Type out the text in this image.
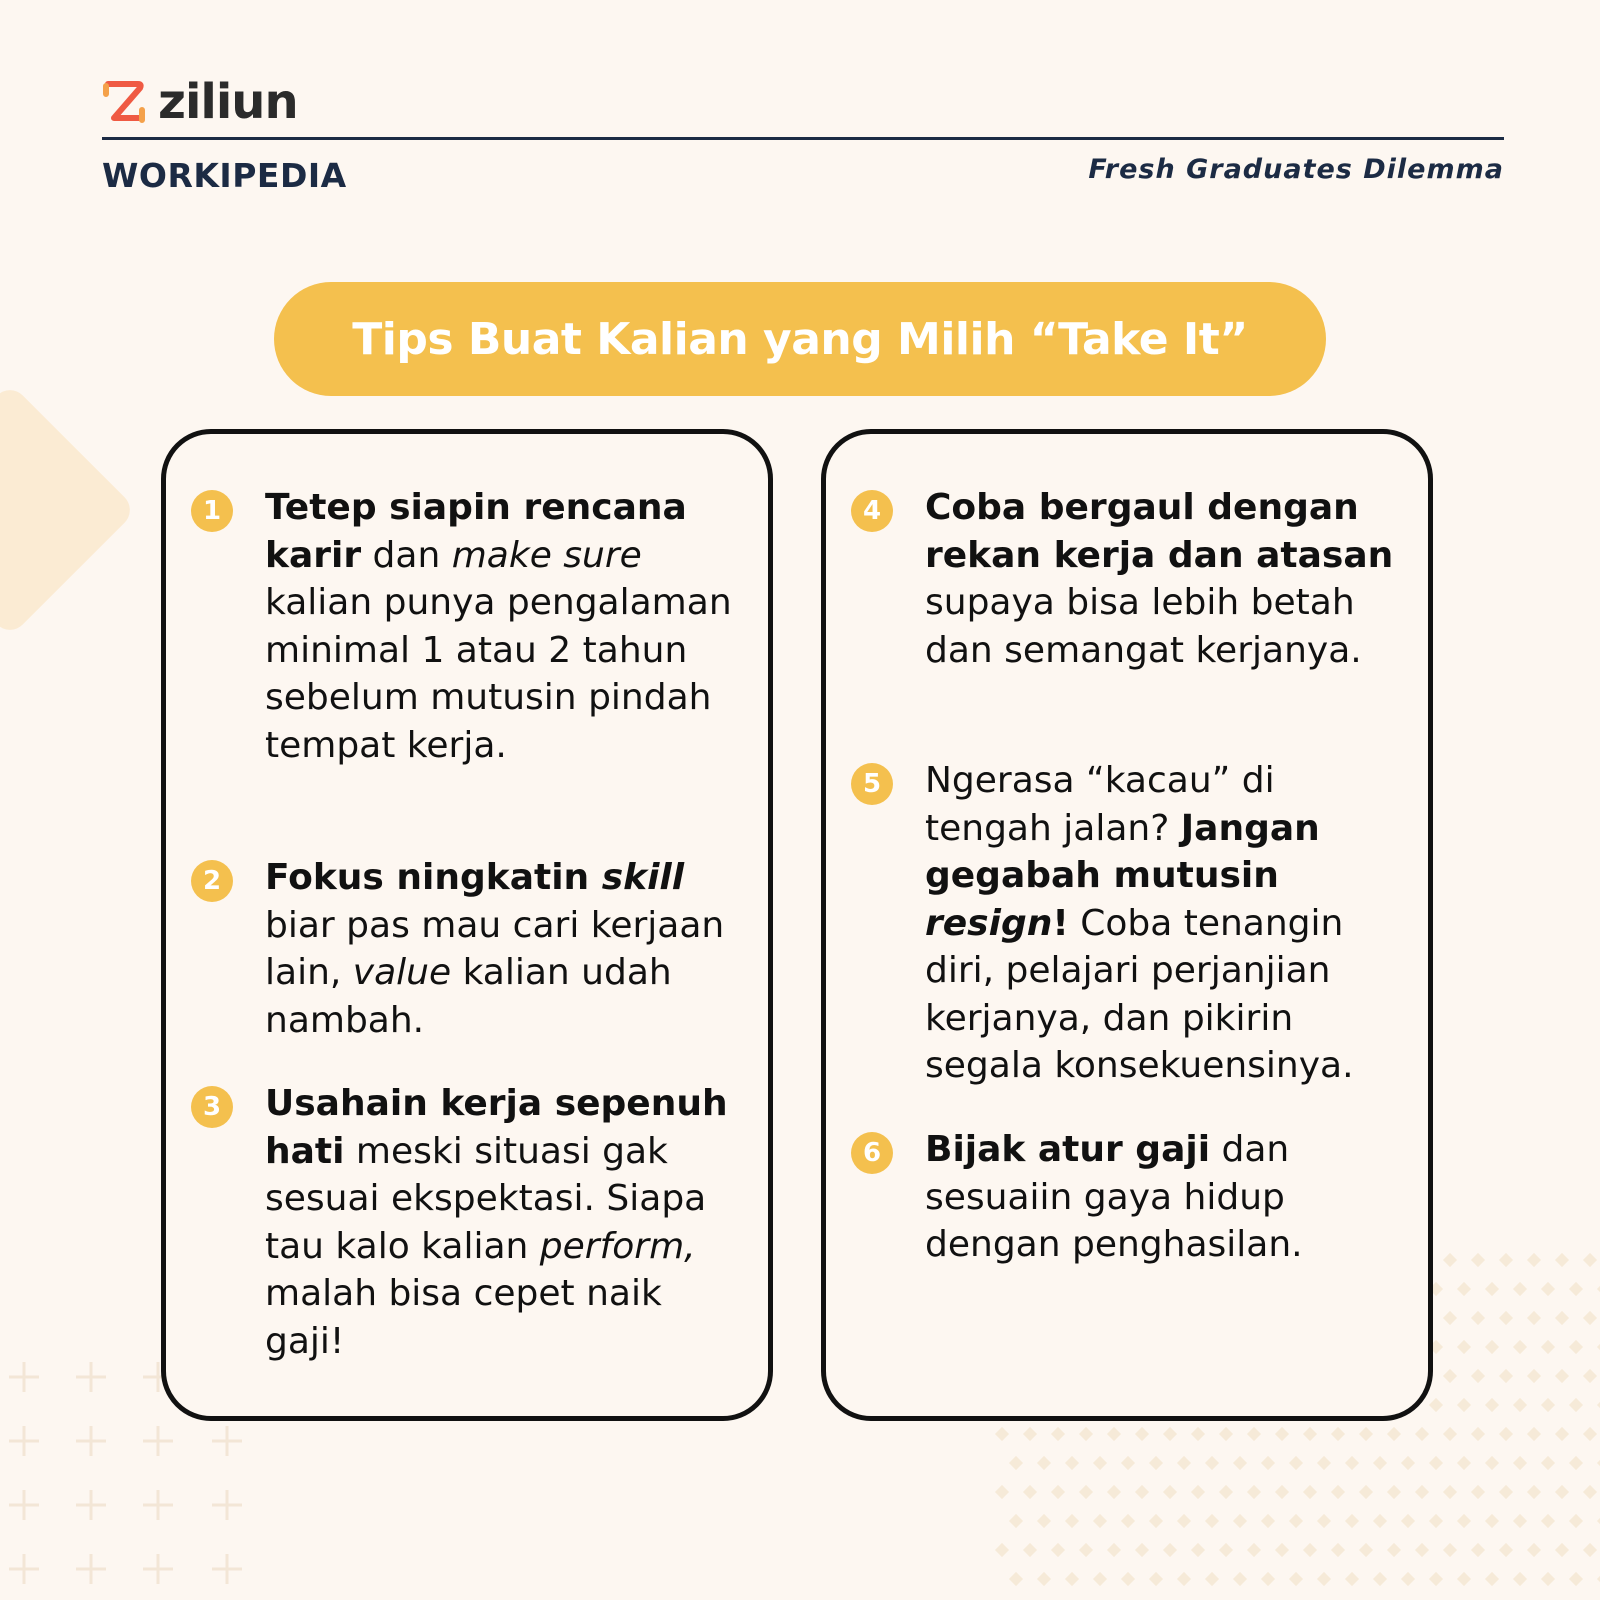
ziliun
WORKIPEDIA	Fresh Graduates Dilemma
Tips Buat Kalian yang Milih “Take It”
1	Tetep siapin rencana karir dan make sure kalian punya pengalaman minimal 1 atau 2 tahun sebelum mutusin pindah tempat kerja.
2	Fokus ningkatin skill biar pas mau cari kerjaan lain, value kalian udah nambah.
3	Usahain kerja sepenuh hati meski situasi gak sesuai ekspektasi. Siapa tau kalo kalian perform, malah bisa cepet naik gaji!
4	Coba bergaul dengan rekan kerja dan atasan supaya bisa lebih betah dan semangat kerjanya.
5	Ngerasa “kacau” di tengah jalan? Jangan gegabah mutusin resign! Coba tenangin diri, pelajari perjanjian kerjanya, dan pikirin segala konsekuensinya.
6	Bijak atur gaji dan sesuaiin gaya hidup dengan penghasilan.
